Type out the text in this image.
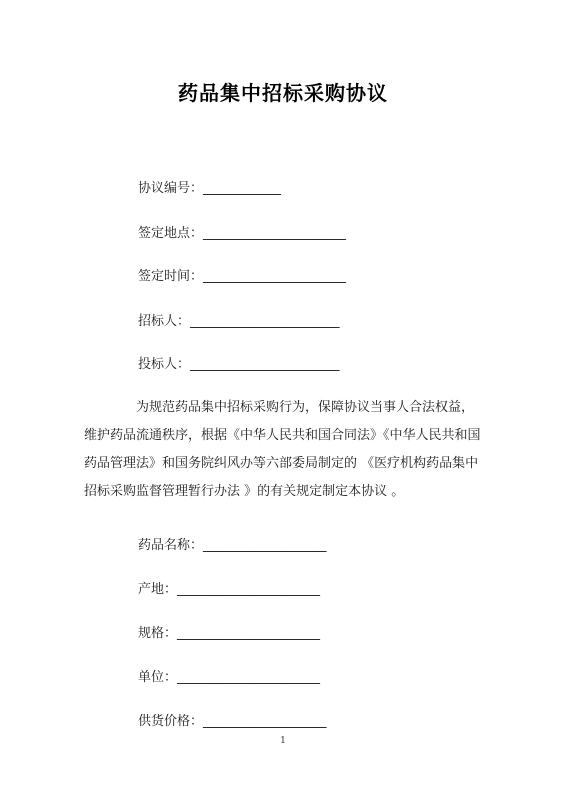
药品集中招标采购协议
协议编号：____________
签定地点：______________________
签定时间：______________________
招标人：_______________________
投标人：_______________________
为规范药品集中招标采购行为，保障协议当事人合法权益，
维护药品流通秩序，根据《中华人民共和国合同法》《中华人民共和国
药品管理法》和国务院纠风办等六部委局制定的 《医疗机构药品集中
招标采购监督管理暂行办法 》的有关规定制定本协议 。
药品名称：___________________
产地：______________________
规格：______________________
单位：______________________
供货价格：___________________
1
